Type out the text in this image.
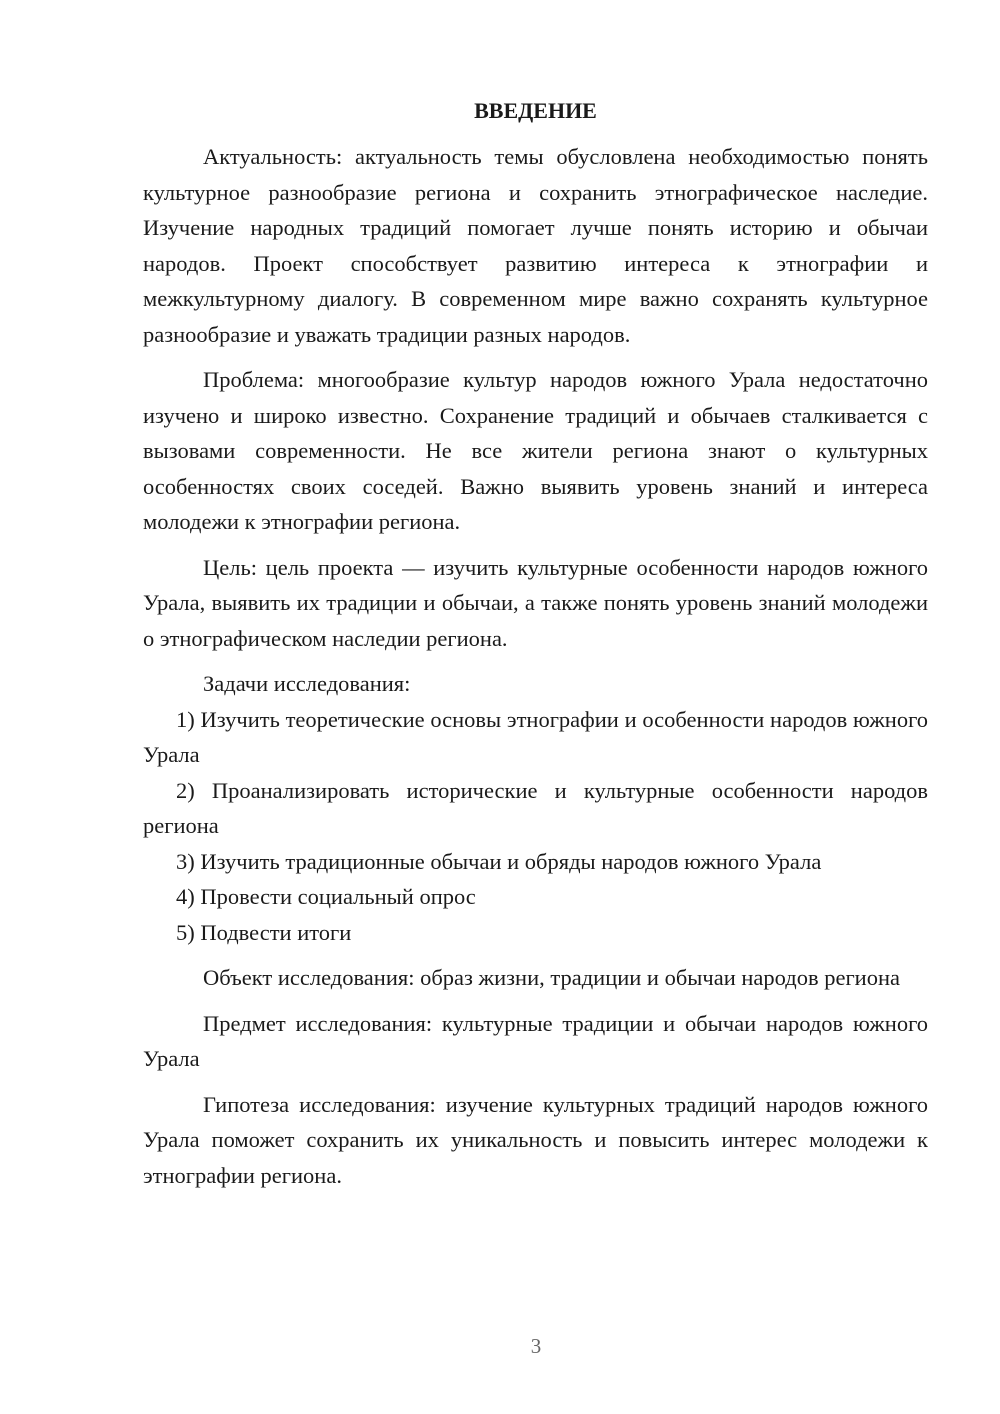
ВВЕДЕНИЕ

Актуальность: актуальность темы обусловлена необходимостью понять культурное разнообразие региона и сохранить этнографическое наследие. Изучение народных традиций помогает лучше понять историю и обычаи народов. Проект способствует развитию интереса к этнографии и межкультурному диалогу. В современном мире важно сохранять культурное разнообразие и уважать традиции разных народов.

Проблема: многообразие культур народов южного Урала недостаточно изучено и широко известно. Сохранение традиций и обычаев сталкивается с вызовами современности. Не все жители региона знают о культурных особенностях своих соседей. Важно выявить уровень знаний и интереса молодежи к этнографии региона.

Цель: цель проекта — изучить культурные особенности народов южного Урала, выявить их традиции и обычаи, а также понять уровень знаний молодежи о этнографическом наследии региона.

Задачи исследования:

1) Изучить теоретические основы этнографии и особенности народов южного Урала

2) Проанализировать исторические и культурные особенности народов региона

3) Изучить традиционные обычаи и обряды народов южного Урала

4) Провести социальный опрос

5) Подвести итоги

Объект исследования: образ жизни, традиции и обычаи народов региона

Предмет исследования: культурные традиции и обычаи народов южного Урала

Гипотеза исследования: изучение культурных традиций народов южного Урала поможет сохранить их уникальность и повысить интерес молодежи к этнографии региона.

3
